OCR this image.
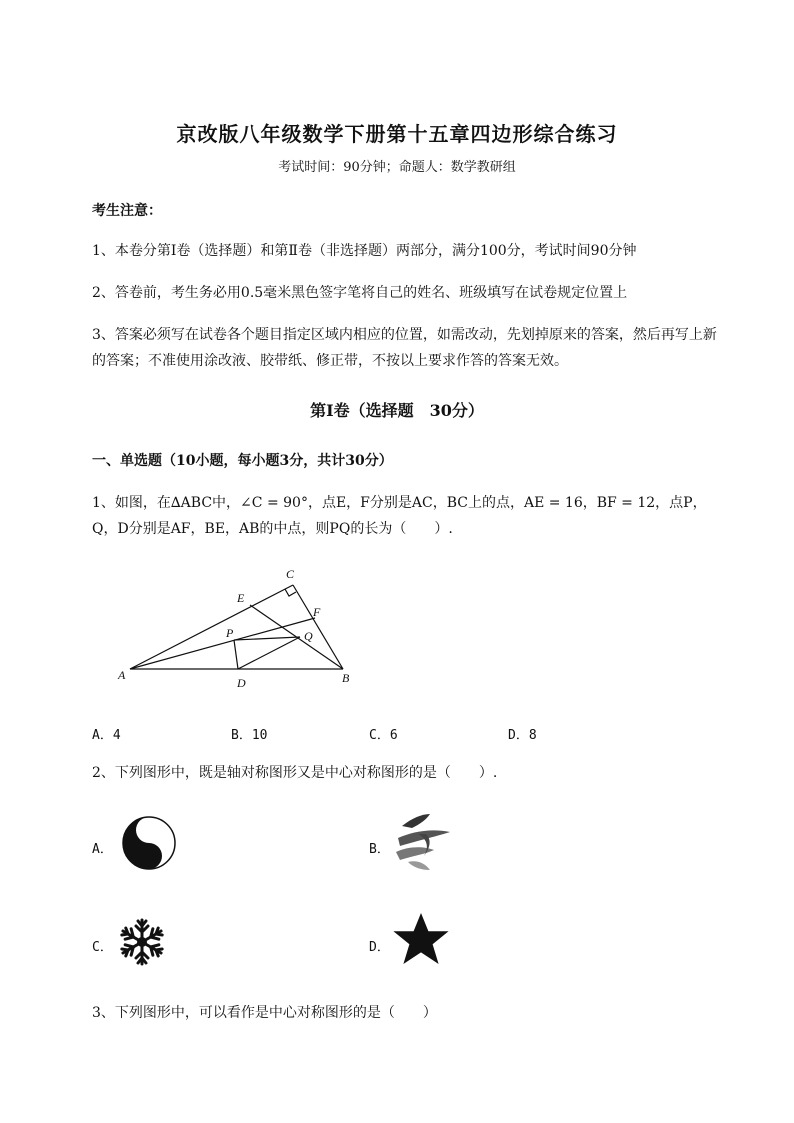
京改版八年级数学下册第十五章四边形综合练习
考试时间：90分钟；命题人：数学教研组
考生注意：
1、本卷分第I卷（选择题）和第Ⅱ卷（非选择题）两部分，满分100分，考试时间90分钟
2、答卷前，考生务必用0.5毫米黑色签字笔将自己的姓名、班级填写在试卷规定位置上
3、答案必须写在试卷各个题目指定区域内相应的位置，如需改动，先划掉原来的答案，然后再写上新
的答案；不准使用涂改液、胶带纸、修正带，不按以上要求作答的答案无效。
第I卷（选择题　30分）
一、单选题（10小题，每小题3分，共计30分）
1、如图，在∆ABC中，∠C = 90°，点E，F分别是AC，BC上的点，AE = 16，BF = 12，点P，
Q，D分别是AF，BE，AB的中点，则PQ的长为（　　）.
A	B
C
D
E
F
P	Q
A．4	B．10	C．6	D．8
2、下列图形中，既是轴对称图形又是中心对称图形的是（　　）.
A．	B．
C．	D．
3、下列图形中，可以看作是中心对称图形的是（　　）
